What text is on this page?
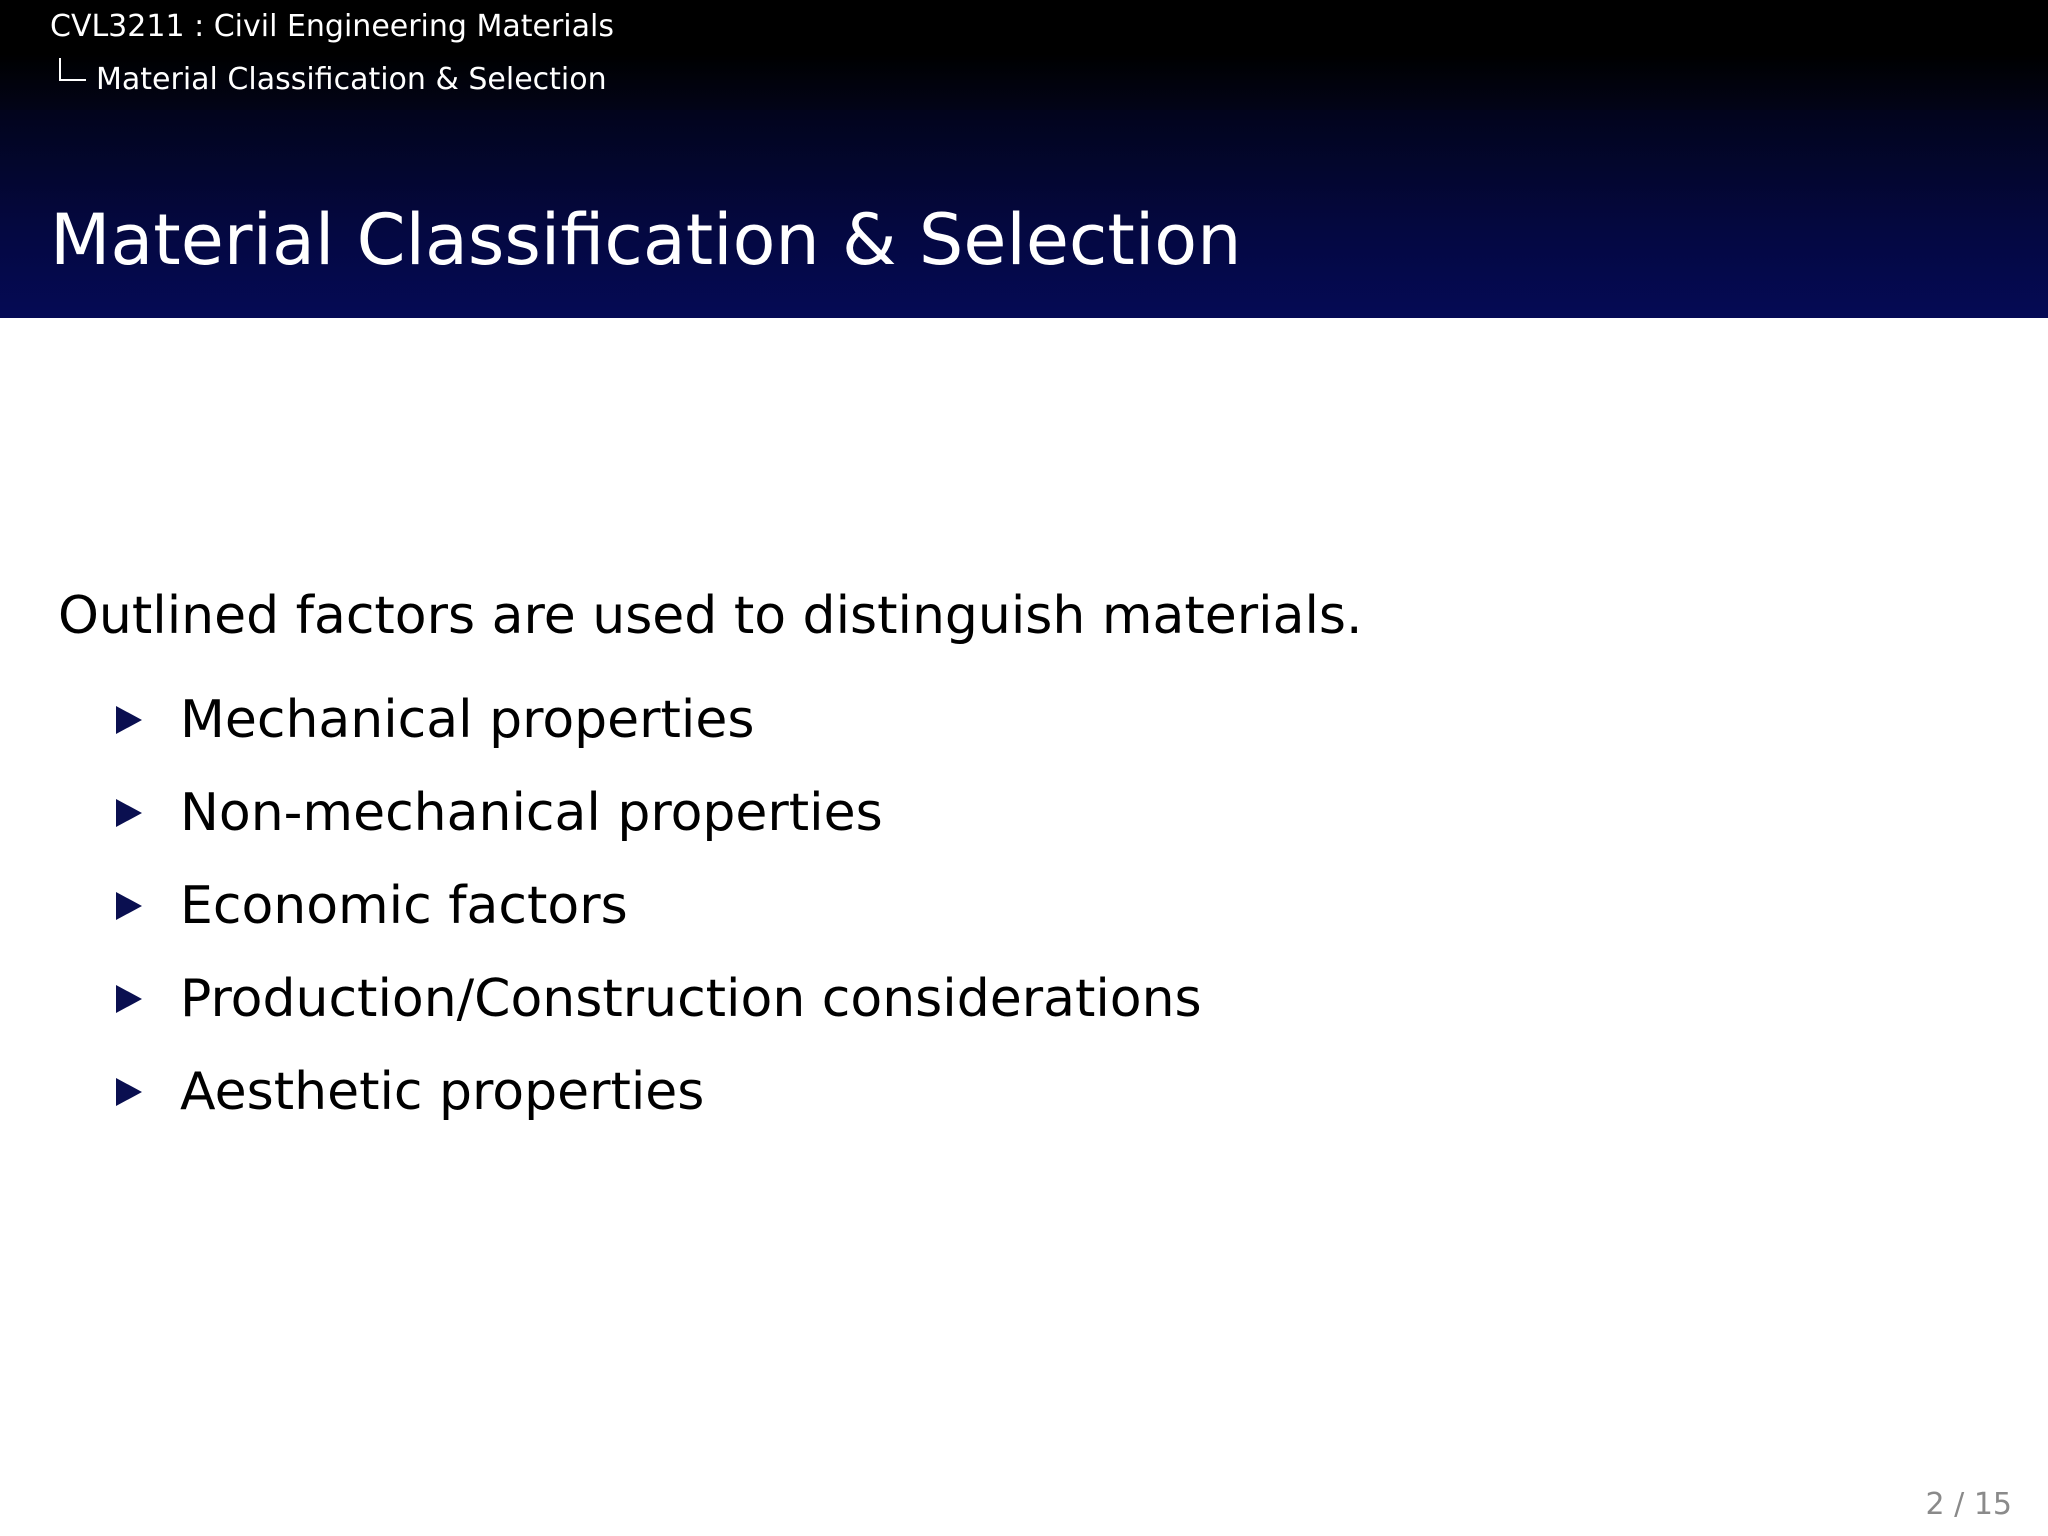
CVL3211 : Civil Engineering Materials
Material Classification & Selection
Material Classification & Selection

Outlined factors are used to distinguish materials.

Mechanical properties
Non-mechanical properties
Economic factors
Production/Construction considerations
Aesthetic properties
2 / 15
